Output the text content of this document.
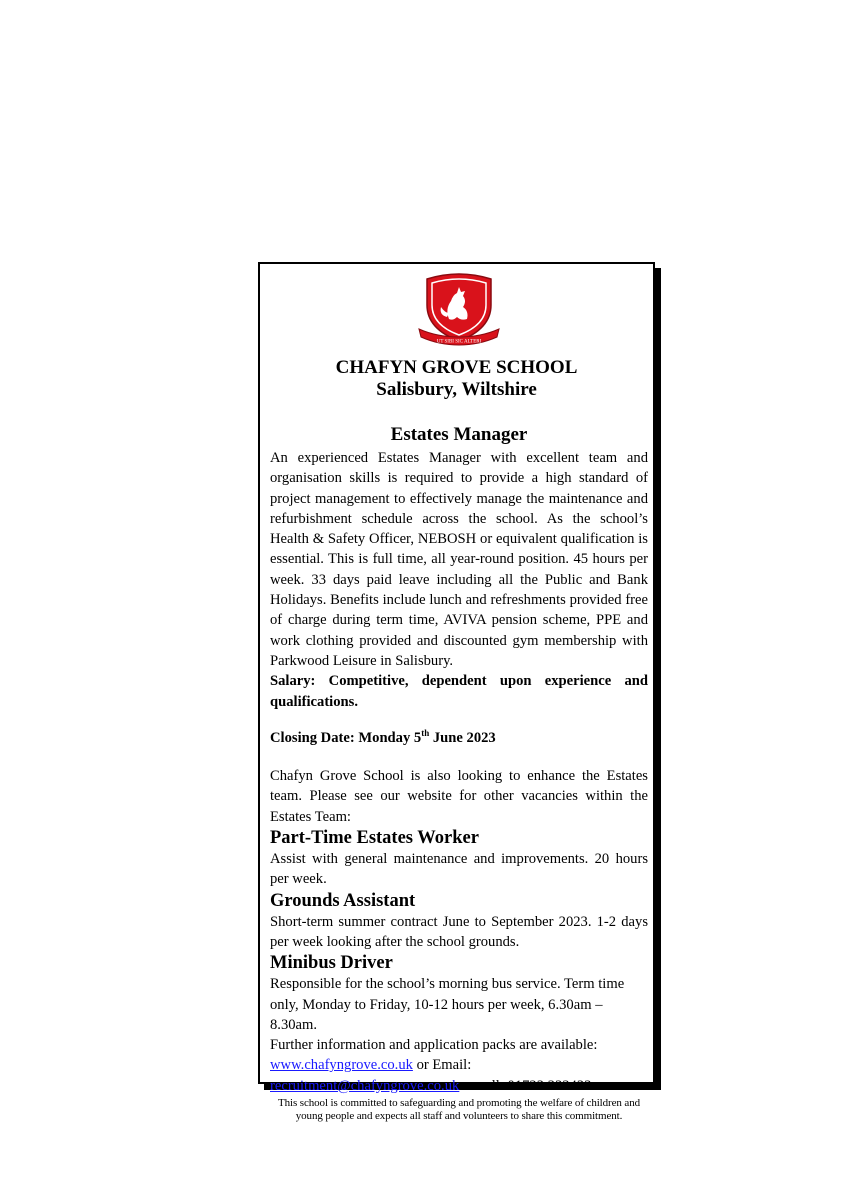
UT SIBI SIC ALTERI
CHAFYN GROVE SCHOOL
Salisbury, Wiltshire
Estates Manager

An experienced Estates Manager with excellent team and organisation skills is required to provide a high standard of project management to effectively manage the maintenance and refurbishment schedule across the school. As the school’s Health & Safety Officer, NEBOSH or equivalent qualification is essential. This is full time, all year-round position. 45 hours per week. 33 days paid leave including all the Public and Bank Holidays. Benefits include lunch and refreshments provided free of charge during term time, AVIVA pension scheme, PPE and work clothing provided and discounted gym membership with Parkwood Leisure in Salisbury.

Salary: Competitive, dependent upon experience and qualifications.

Closing Date: Monday 5th June 2023

Chafyn Grove School is also looking to enhance the Estates team. Please see our website for other vacancies within the Estates Team:

Part-Time Estates Worker

Assist with general maintenance and improvements. 20 hours per week.

Grounds Assistant

Short-term summer contract June to September 2023. 1-2 days per week looking after the school grounds.

Minibus Driver

Responsible for the school’s morning bus service. Term time only, Monday to Friday, 10-12 hours per week, 6.30am – 8.30am.

Further information and application packs are available:

www.chafyngrove.co.uk or Email:

recruitment@chafyngrove.co.uk or call: 01722 333423.

This school is committed to safeguarding and promoting the welfare of children and young people and expects all staff and volunteers to share this commitment.
